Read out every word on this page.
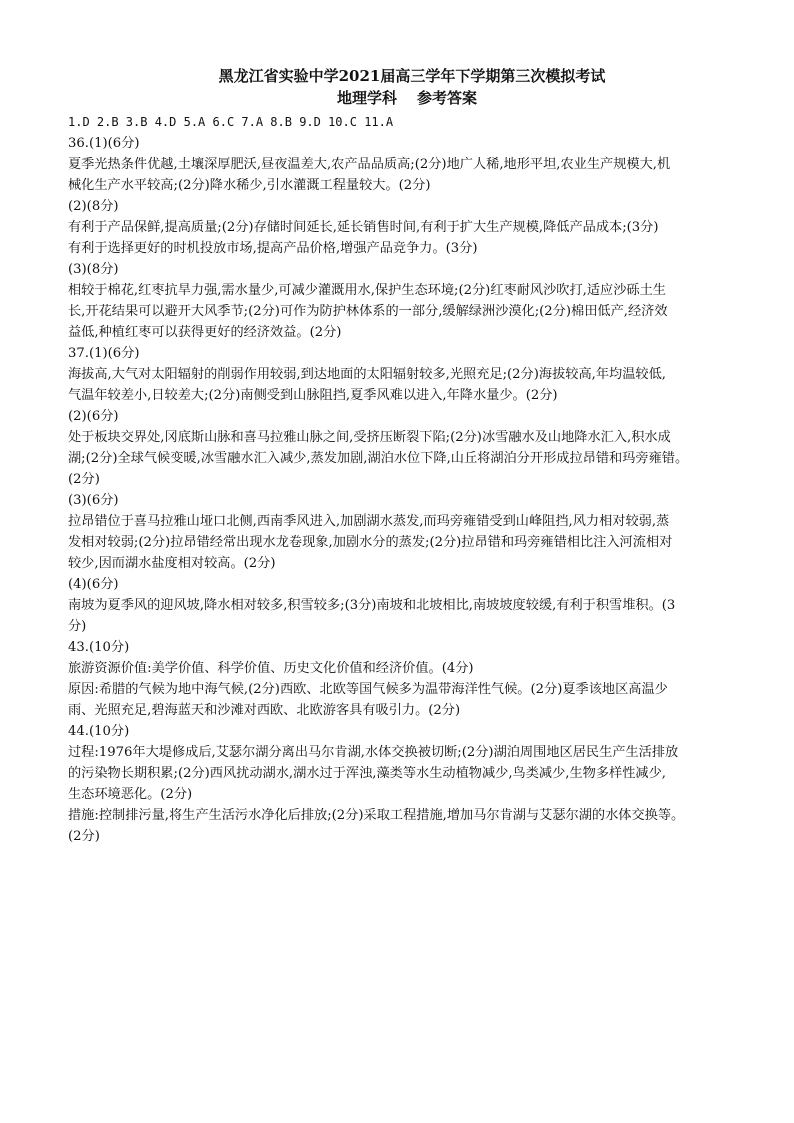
黑龙江省实验中学2021届高三学年下学期第三次模拟考试
地理学科 参考答案
1.D 2.B 3.B 4.D 5.A 6.C 7.A 8.B 9.D 10.C 11.A
36.(1)(6分)
夏季光热条件优越,土壤深厚肥沃,昼夜温差大,农产品品质高;(2分)地广人稀,地形平坦,农业生产规模大,机
械化生产水平较高;(2分)降水稀少,引水灌溉工程量较大。(2分)
(2)(8分)
有利于产品保鲜,提高质量;(2分)存储时间延长,延长销售时间,有利于扩大生产规模,降低产品成本;(3分)
有利于选择更好的时机投放市场,提高产品价格,增强产品竞争力。(3分)
(3)(8分)
相较于棉花,红枣抗旱力强,需水量少,可减少灌溉用水,保护生态环境;(2分)红枣耐风沙吹打,适应沙砾土生
长,开花结果可以避开大风季节;(2分)可作为防护林体系的一部分,缓解绿洲沙漠化;(2分)棉田低产,经济效
益低,种植红枣可以获得更好的经济效益。(2分)
37.(1)(6分)
海拔高,大气对太阳辐射的削弱作用较弱,到达地面的太阳辐射较多,光照充足;(2分)海拔较高,年均温较低,
气温年较差小,日较差大;(2分)南侧受到山脉阻挡,夏季风难以进入,年降水量少。(2分)
(2)(6分)
处于板块交界处,冈底斯山脉和喜马拉雅山脉之间,受挤压断裂下陷;(2分)冰雪融水及山地降水汇入,积水成
湖;(2分)全球气候变暖,冰雪融水汇入减少,蒸发加剧,湖泊水位下降,山丘将湖泊分开形成拉昂错和玛旁雍错。
(2分)
(3)(6分)
拉昂错位于喜马拉雅山垭口北侧,西南季风进入,加剧湖水蒸发,而玛旁雍错受到山峰阻挡,风力相对较弱,蒸
发相对较弱;(2分)拉昂错经常出现水龙卷现象,加剧水分的蒸发;(2分)拉昂错和玛旁雍错相比注入河流相对
较少,因而湖水盐度相对较高。(2分)
(4)(6分)
南坡为夏季风的迎风坡,降水相对较多,积雪较多;(3分)南坡和北坡相比,南坡坡度较缓,有利于积雪堆积。(3
分)
43.(10分)
旅游资源价值:美学价值、科学价值、历史文化价值和经济价值。(4分)
原因:希腊的气候为地中海气候,(2分)西欧、北欧等国气候多为温带海洋性气候。(2分)夏季该地区高温少
雨、光照充足,碧海蓝天和沙滩对西欧、北欧游客具有吸引力。(2分)
44.(10分)
过程:1976年大堤修成后,艾瑟尔湖分离出马尔肯湖,水体交换被切断;(2分)湖泊周围地区居民生产生活排放
的污染物长期积累;(2分)西风扰动湖水,湖水过于浑浊,藻类等水生动植物减少,鸟类减少,生物多样性减少,
生态环境恶化。(2分)
措施:控制排污量,将生产生活污水净化后排放;(2分)采取工程措施,增加马尔肯湖与艾瑟尔湖的水体交换等。
(2分)
